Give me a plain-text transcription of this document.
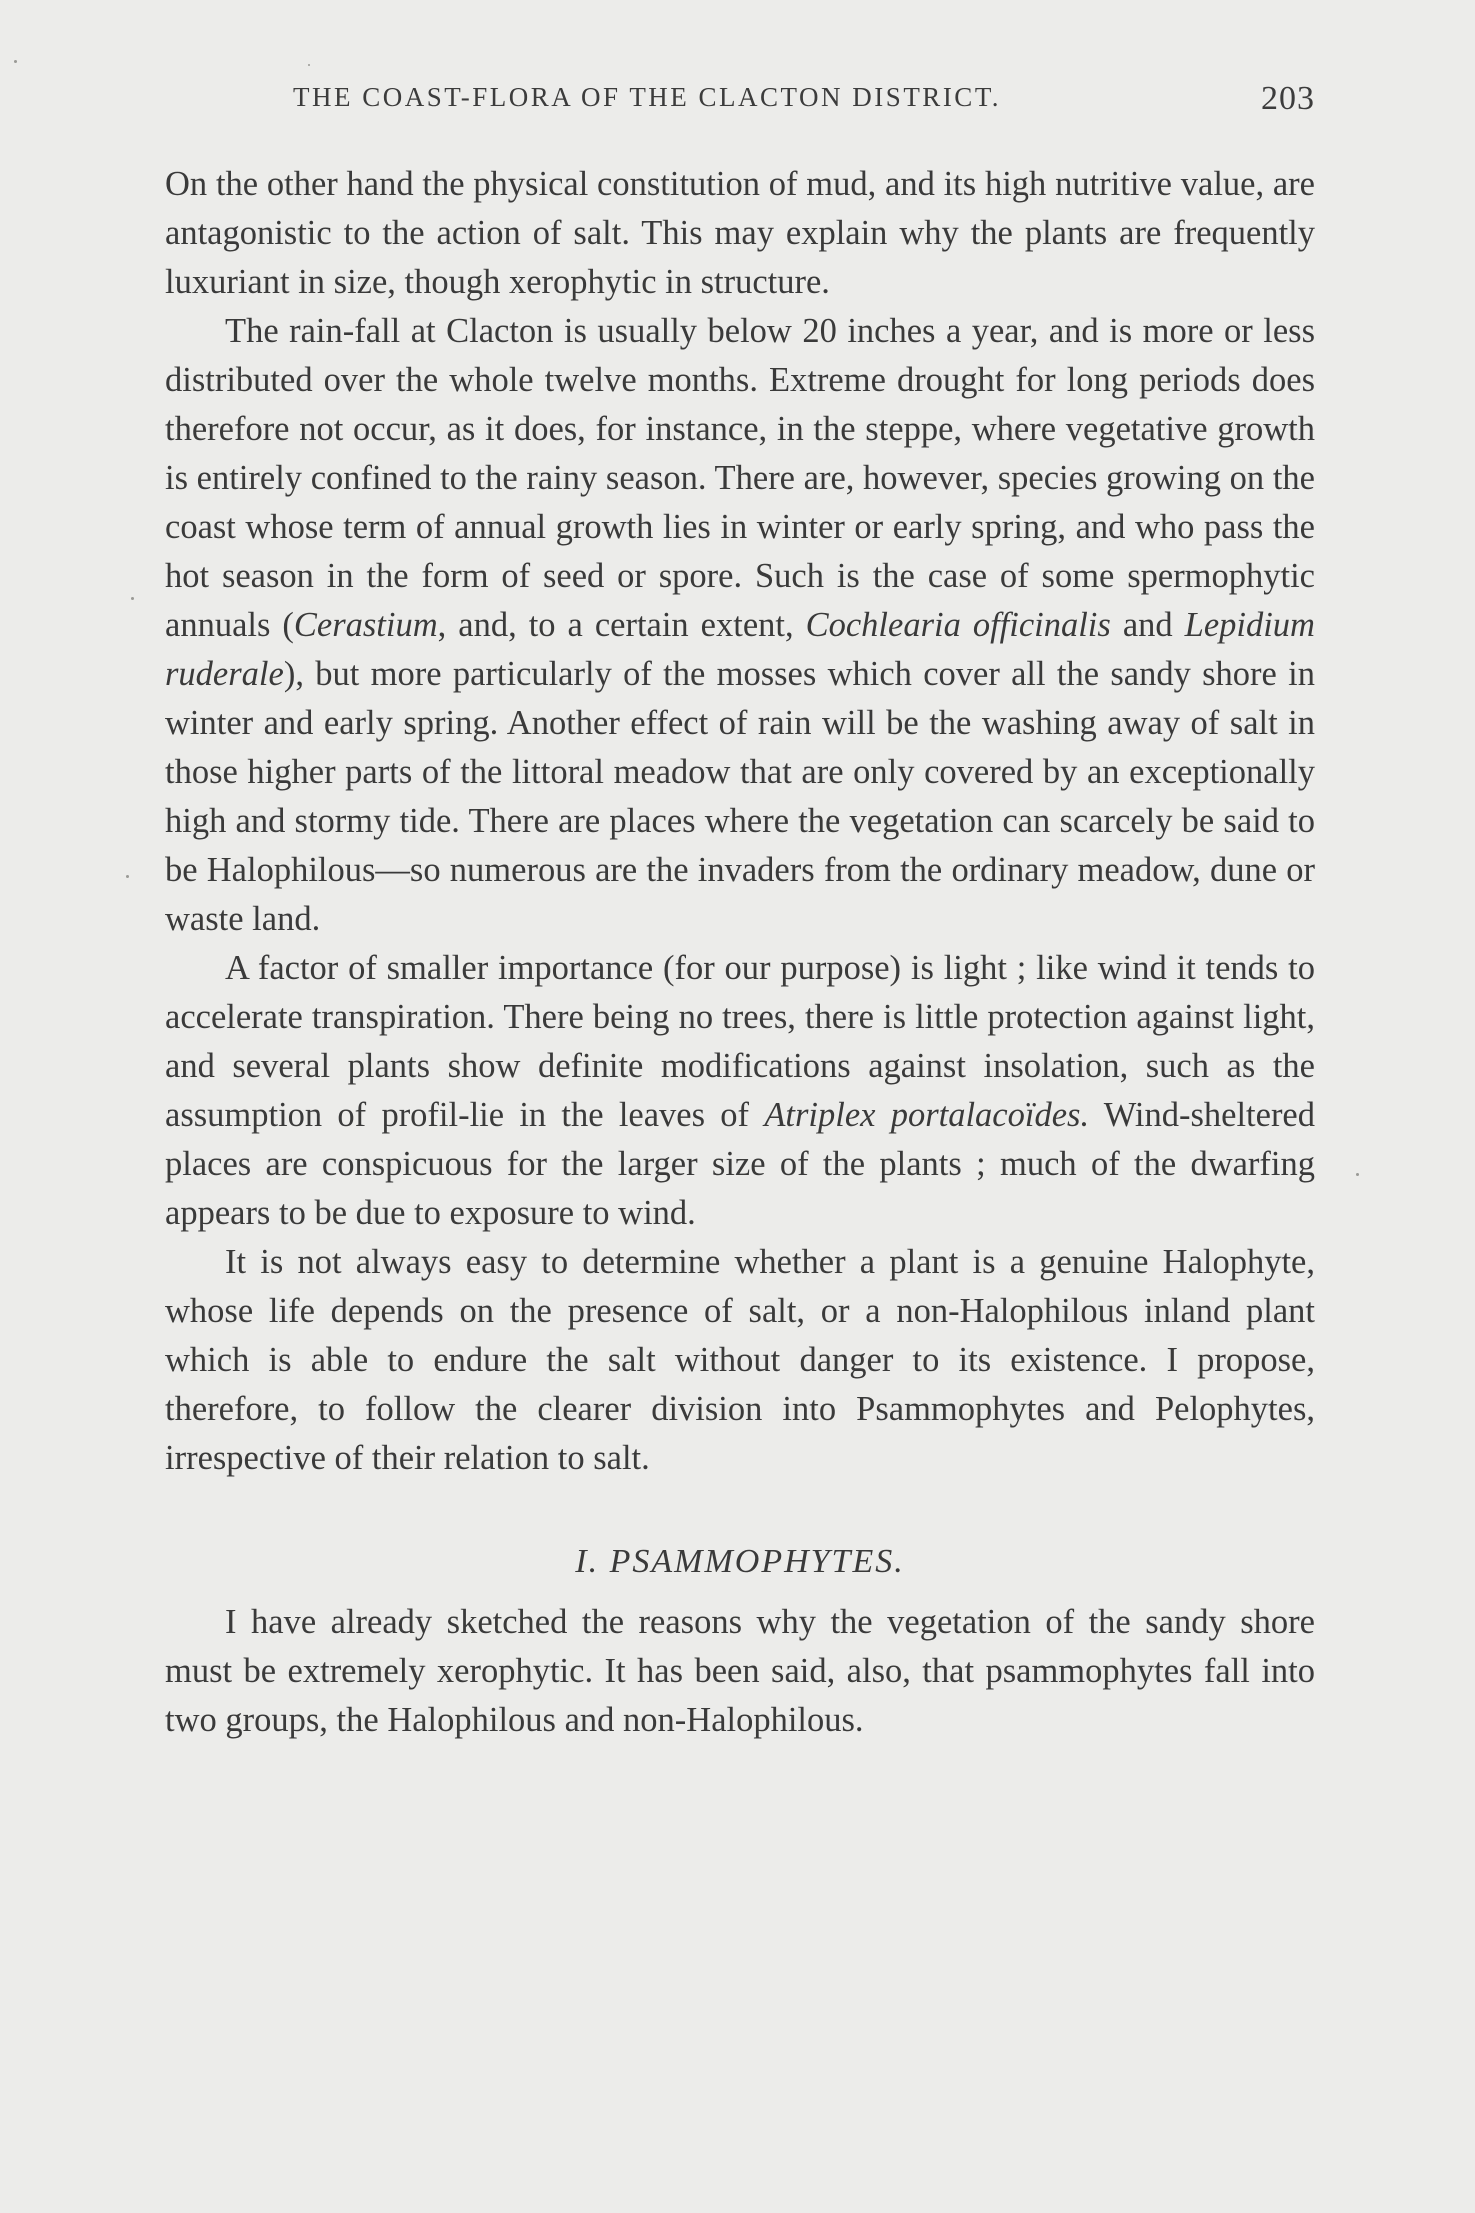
THE COAST-FLORA OF THE CLACTON DISTRICT.	203

On the other hand the physical constitution of mud, and its high nutritive value, are antagonistic to the action of salt. This may explain why the plants are frequently luxuriant in size, though xerophytic in structure.

The rain-fall at Clacton is usually below 20 inches a year, and is more or less distributed over the whole twelve months. Extreme drought for long periods does therefore not occur, as it does, for instance, in the steppe, where vegetative growth is entirely confined to the rainy season. There are, however, species growing on the coast whose term of annual growth lies in winter or early spring, and who pass the hot season in the form of seed or spore. Such is the case of some spermophytic annuals (Cerastium, and, to a certain extent, Cochlearia officinalis and Lepidium ruderale), but more particularly of the mosses which cover all the sandy shore in winter and early spring. Another effect of rain will be the washing away of salt in those higher parts of the littoral meadow that are only covered by an exceptionally high and stormy tide. There are places where the vegetation can scarcely be said to be Halophilous—so numerous are the invaders from the ordinary meadow, dune or waste land.

A factor of smaller importance (for our purpose) is light ; like wind it tends to accelerate transpiration. There being no trees, there is little protection against light, and several plants show definite modifications against insolation, such as the assumption of profil-lie in the leaves of Atriplex portalacoïdes. Wind-sheltered places are conspicuous for the larger size of the plants ; much of the dwarfing appears to be due to exposure to wind.

It is not always easy to determine whether a plant is a genuine Halophyte, whose life depends on the presence of salt, or a non-Halophilous inland plant which is able to endure the salt without danger to its existence. I propose, therefore, to follow the clearer division into Psammophytes and Pelophytes, irrespective of their relation to salt.

I. PSAMMOPHYTES.

I have already sketched the reasons why the vegetation of the sandy shore must be extremely xerophytic. It has been said, also, that psammophytes fall into two groups, the Halophilous and non-Halophilous.
